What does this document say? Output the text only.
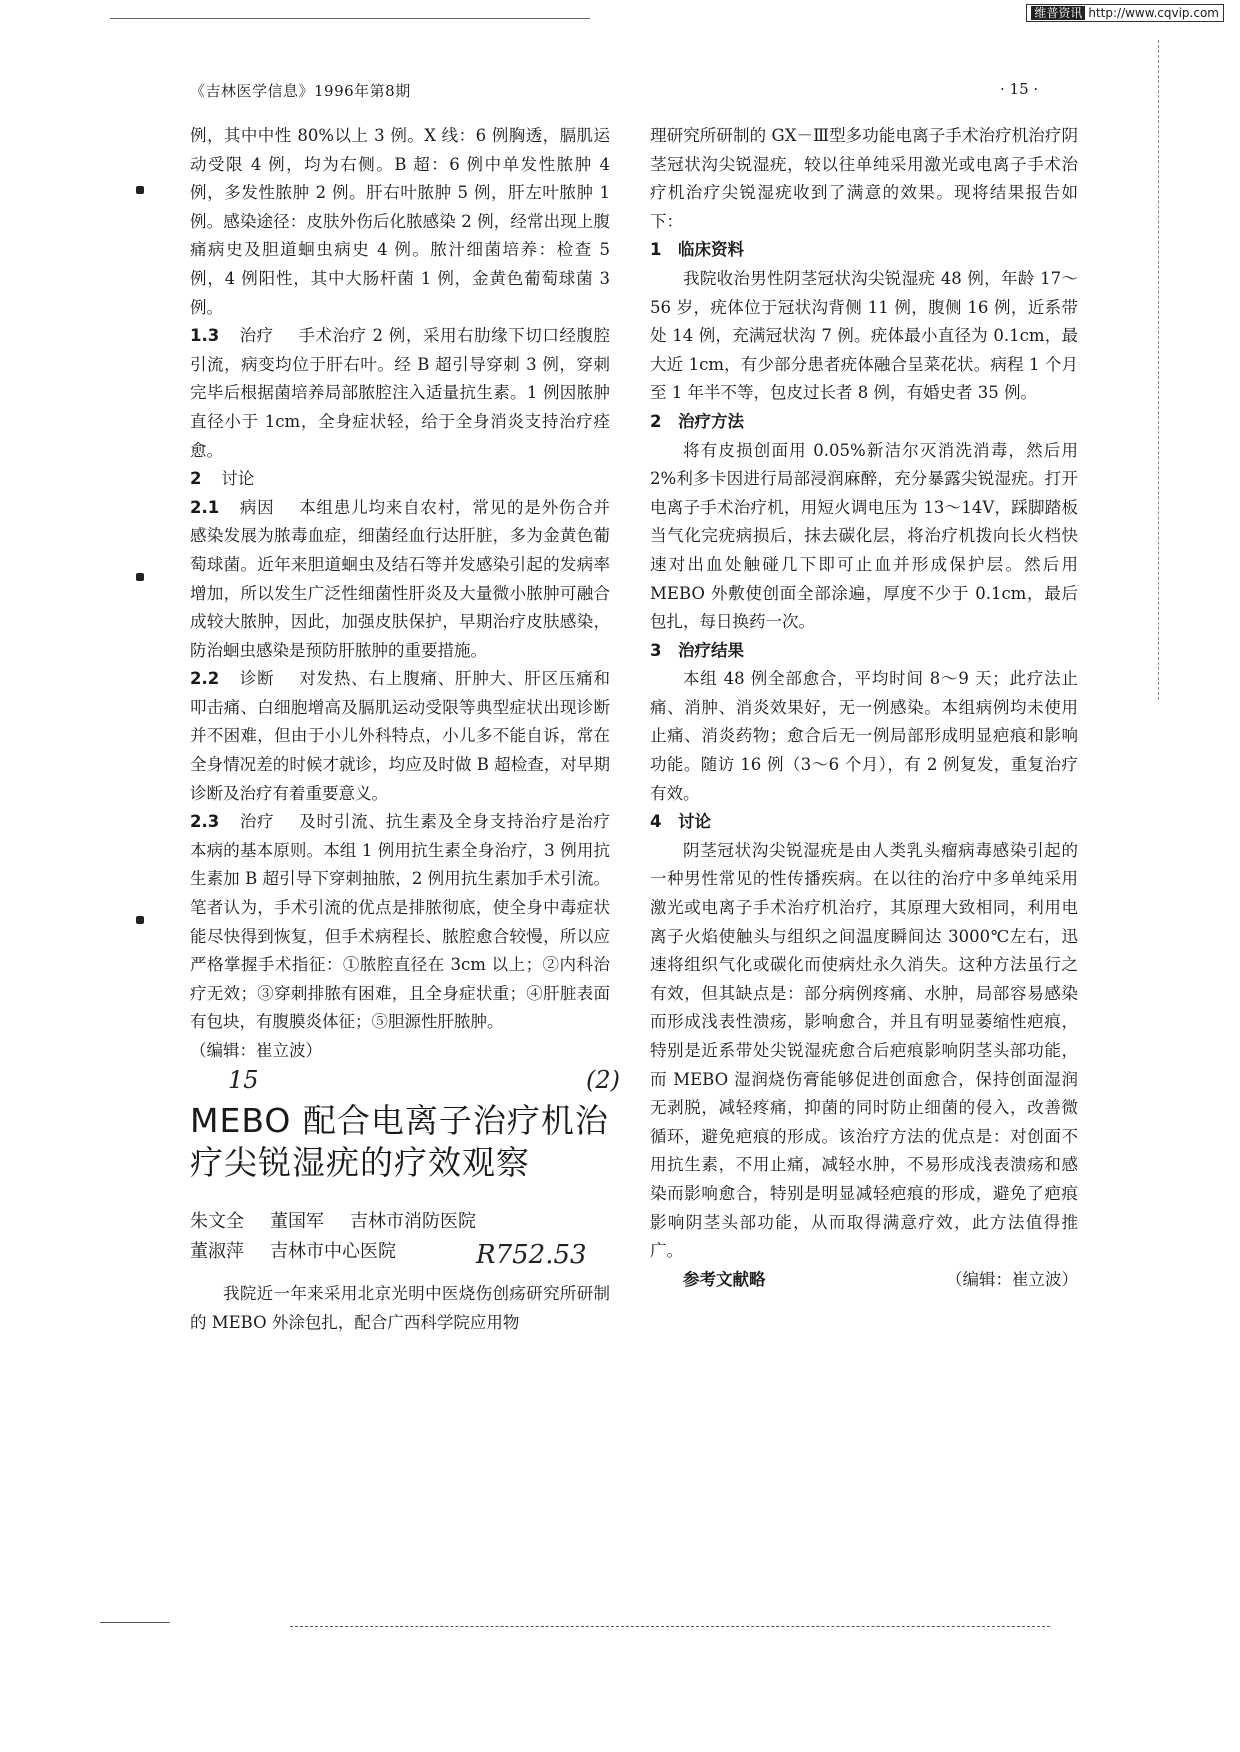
维普资讯 http://www.cqvip.com
《吉林医学信息》1996年第8期	· 15 ·

例，其中中性 80%以上 3 例。X 线：6 例胸透，膈肌运动受限 4 例，均为右侧。B 超：6 例中单发性脓肿 4 例，多发性脓肿 2 例。肝右叶脓肿 5 例，肝左叶脓肿 1 例。感染途径：皮肤外伤后化脓感染 2 例，经常出现上腹痛病史及胆道蛔虫病史 4 例。脓汁细菌培养：检查 5 例，4 例阳性，其中大肠杆菌 1 例，金黄色葡萄球菌 3 例。

1.3 治疗 手术治疗 2 例，采用右肋缘下切口经腹腔引流，病变均位于肝右叶。经 B 超引导穿刺 3 例，穿刺完毕后根据菌培养局部脓腔注入适量抗生素。1 例因脓肿直径小于 1cm，全身症状轻，给于全身消炎支持治疗痊愈。

2 讨论

2.1 病因 本组患儿均来自农村，常见的是外伤合并感染发展为脓毒血症，细菌经血行达肝脏，多为金黄色葡萄球菌。近年来胆道蛔虫及结石等并发感染引起的发病率增加，所以发生广泛性细菌性肝炎及大量微小脓肿可融合成较大脓肿，因此，加强皮肤保护，早期治疗皮肤感染，防治蛔虫感染是预防肝脓肿的重要措施。

2.2 诊断 对发热、右上腹痛、肝肿大、肝区压痛和叩击痛、白细胞增高及膈肌运动受限等典型症状出现诊断并不困难，但由于小儿外科特点，小儿多不能自诉，常在全身情况差的时候才就诊，均应及时做 B 超检查，对早期诊断及治疗有着重要意义。

2.3 治疗 及时引流、抗生素及全身支持治疗是治疗本病的基本原则。本组 1 例用抗生素全身治疗，3 例用抗生素加 B 超引导下穿刺抽脓，2 例用抗生素加手术引流。笔者认为，手术引流的优点是排脓彻底，使全身中毒症状能尽快得到恢复，但手术病程长、脓腔愈合较慢，所以应严格掌握手术指征：①脓腔直径在 3cm 以上；②内科治疗无效；③穿刺排脓有困难，且全身症状重；④肝脏表面有包块，有腹膜炎体征；⑤胆源性肝脓肿。

（编辑：崔立波）

15	(2)
R752.53
MEBO 配合电离子治疗机治疗尖锐湿疣的疗效观察
朱文全 董国军 吉林市消防医院
董淑萍 吉林市中心医院

我院近一年来采用北京光明中医烧伤创疡研究所研制的 MEBO 外涂包扎，配合广西科学院应用物

理研究所研制的 GX－Ⅲ型多功能电离子手术治疗机治疗阴茎冠状沟尖锐湿疣，较以往单纯采用激光或电离子手术治疗机治疗尖锐湿疣收到了满意的效果。现将结果报告如下：

1　临床资料

我院收治男性阴茎冠状沟尖锐湿疣 48 例，年龄 17～56 岁，疣体位于冠状沟背侧 11 例，腹侧 16 例，近系带处 14 例，充满冠状沟 7 例。疣体最小直径为 0.1cm，最大近 1cm，有少部分患者疣体融合呈菜花状。病程 1 个月至 1 年半不等，包皮过长者 8 例，有婚史者 35 例。

2　治疗方法

将有皮损创面用 0.05%新洁尔灭消洗消毒，然后用 2%利多卡因进行局部浸润麻醉，充分暴露尖锐湿疣。打开电离子手术治疗机，用短火调电压为 13～14V，踩脚踏板当气化完疣病损后，抹去碳化层，将治疗机拨向长火档快速对出血处触碰几下即可止血并形成保护层。然后用 MEBO 外敷使创面全部涂遍，厚度不少于 0.1cm，最后包扎，每日换药一次。

3　治疗结果

本组 48 例全部愈合，平均时间 8～9 天；此疗法止痛、消肿、消炎效果好，无一例感染。本组病例均未使用止痛、消炎药物；愈合后无一例局部形成明显疤痕和影响功能。随访 16 例（3～6 个月），有 2 例复发，重复治疗有效。

4　讨论

阴茎冠状沟尖锐湿疣是由人类乳头瘤病毒感染引起的一种男性常见的性传播疾病。在以往的治疗中多单纯采用激光或电离子手术治疗机治疗，其原理大致相同，利用电离子火焰使触头与组织之间温度瞬间达 3000℃左右，迅速将组织气化或碳化而使病灶永久消失。这种方法虽行之有效，但其缺点是：部分病例疼痛、水肿，局部容易感染而形成浅表性溃疡，影响愈合，并且有明显萎缩性疤痕，特别是近系带处尖锐湿疣愈合后疤痕影响阴茎头部功能，而 MEBO 湿润烧伤膏能够促进创面愈合，保持创面湿润无剥脱，减轻疼痛，抑菌的同时防止细菌的侵入，改善微循环，避免疤痕的形成。该治疗方法的优点是：对创面不用抗生素，不用止痛，减轻水肿，不易形成浅表溃疡和感染而影响愈合，特别是明显减轻疤痕的形成，避免了疤痕影响阴茎头部功能，从而取得满意疗效，此方法值得推广。

参考文献略	（编辑：崔立波）
